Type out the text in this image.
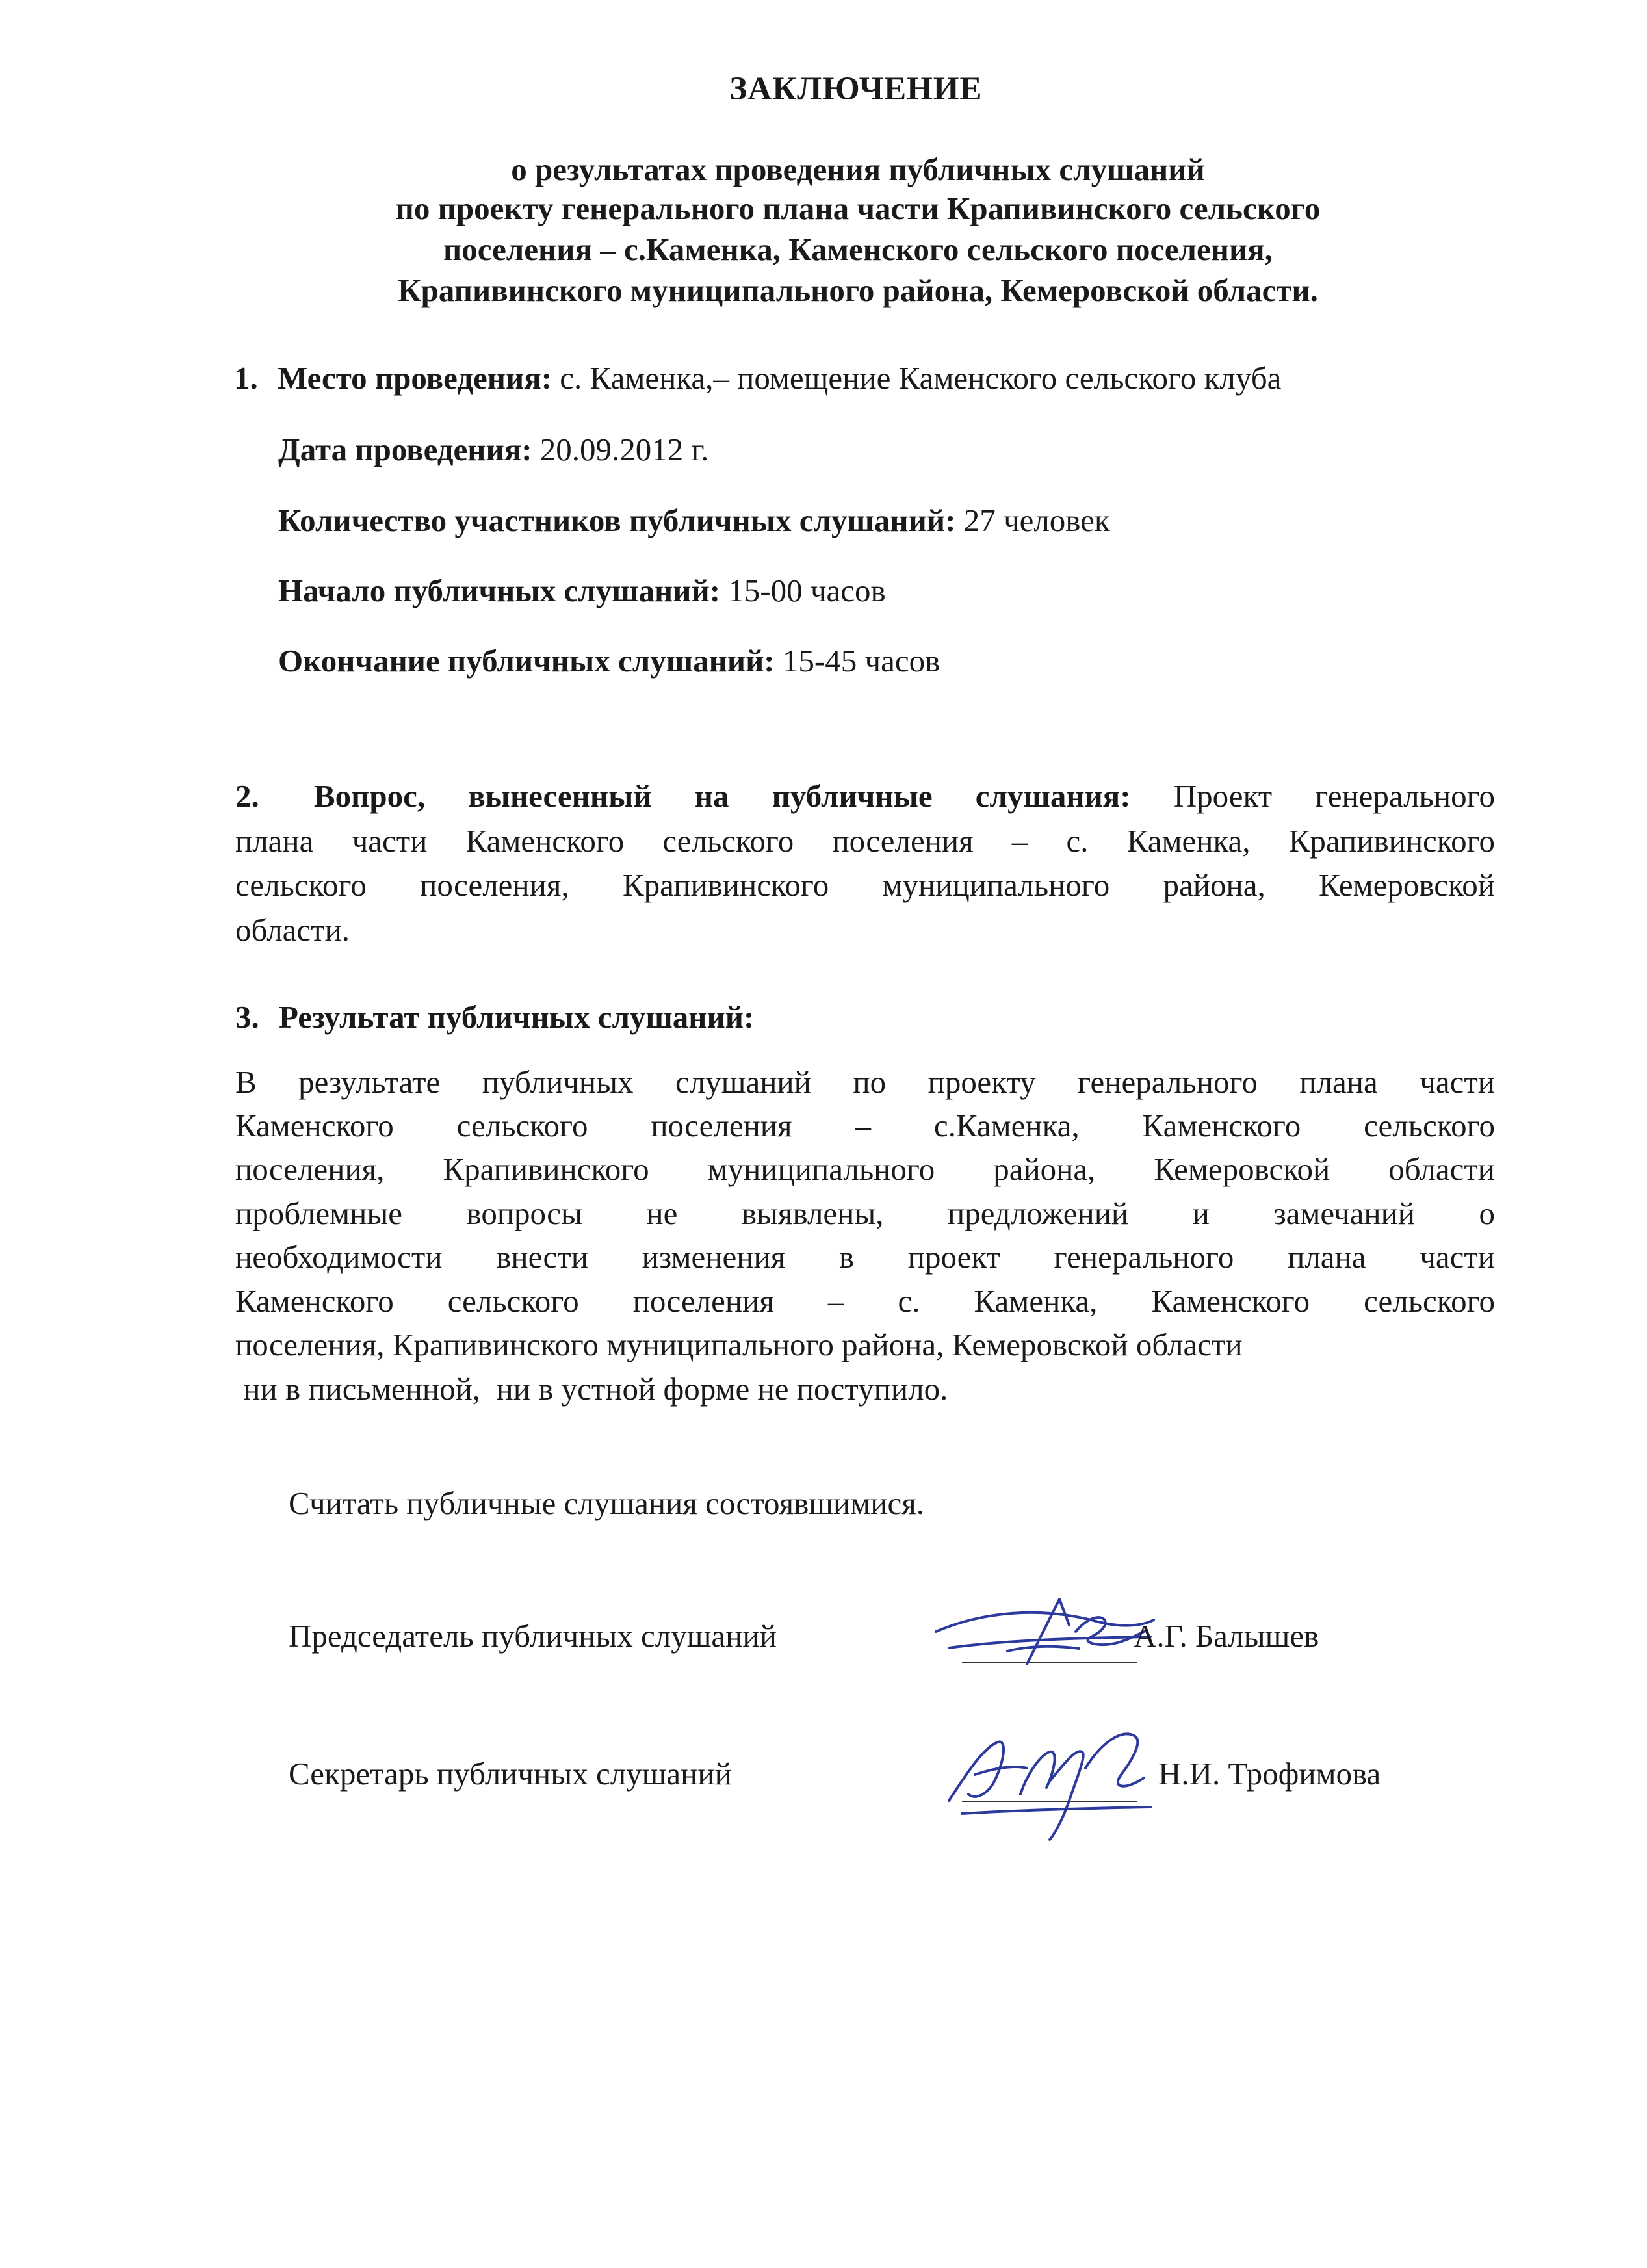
ЗАКЛЮЧЕНИЕ
о результатах проведения публичных слушаний
по проекту генерального плана части Крапивинского сельского
поселения – с.Каменка, Каменского сельского поселения,
Крапивинского муниципального района, Кемеровской области.
1. Место проведения: с. Каменка,– помещение Каменского сельского клуба
Дата проведения: 20.09.2012 г.
Количество участников публичных слушаний: 27 человек
Начало публичных слушаний: 15-00 часов
Окончание публичных слушаний: 15-45 часов
2. Вопрос, вынесенный на публичные слушания: Проект генерального
плана части Каменского сельского поселения – с. Каменка, Крапивинского
сельского поселения, Крапивинского муниципального района, Кемеровской
области.
3. Результат публичных слушаний:
В результате публичных слушаний по проекту генерального плана части
Каменского сельского поселения – с.Каменка, Каменского сельского
поселения, Крапивинского муниципального района, Кемеровской области
проблемные вопросы не выявлены, предложений и замечаний о
необходимости внести изменения в проект генерального плана части
Каменского сельского поселения – с. Каменка, Каменского сельского
поселения, Крапивинского муниципального района, Кемеровской области
ни в письменной,  ни в устной форме не поступило.
Считать публичные слушания состоявшимися.
Председатель публичных слушаний	А.Г. Балышев
Секретарь публичных слушаний	Н.И. Трофимова
